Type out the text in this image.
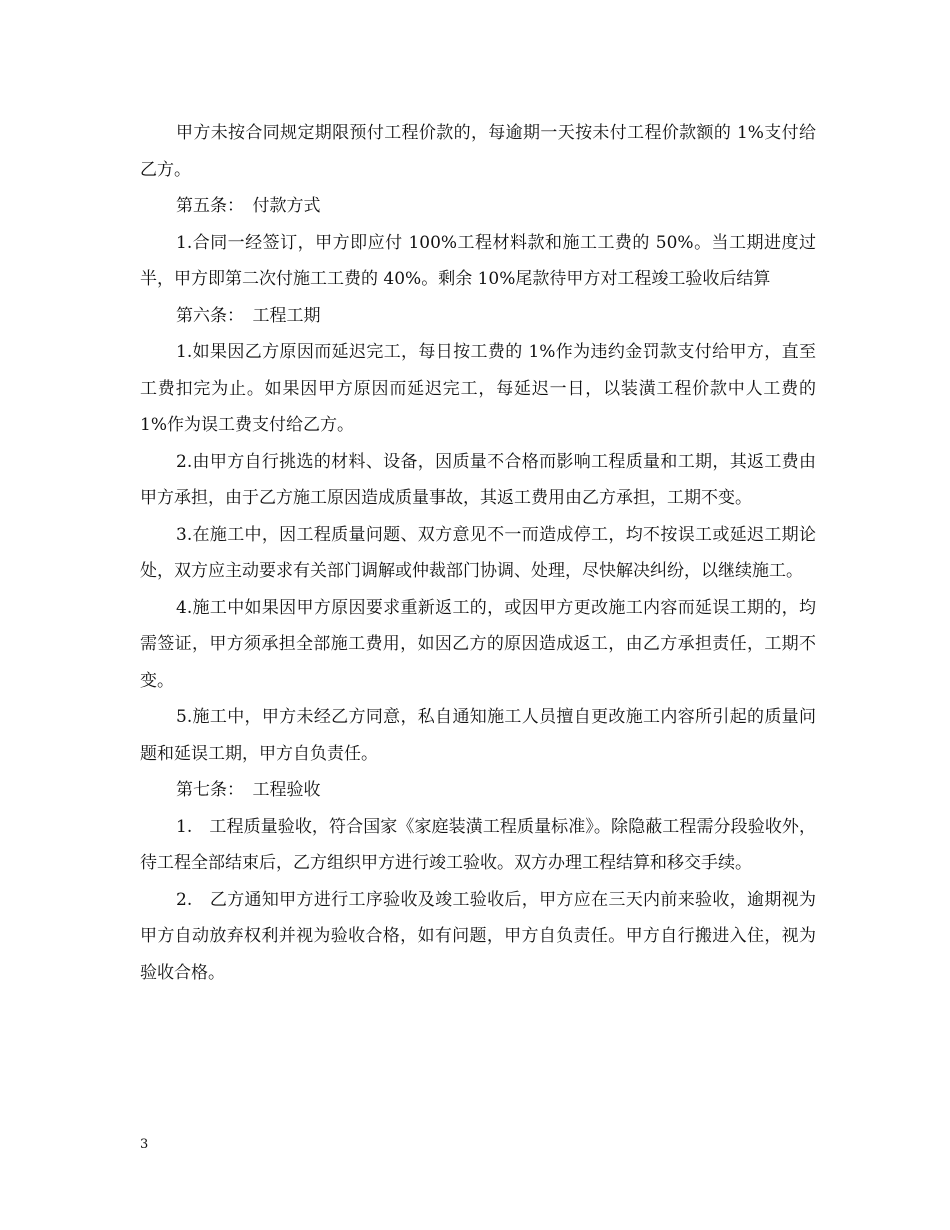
甲方未按合同规定期限预付工程价款的，每逾期一天按未付工程价款额的 1%支付给乙方。

第五条：　付款方式

1.合同一经签订，甲方即应付 100%工程材料款和施工工费的 50%。当工期进度过半，甲方即第二次付施工工费的 40%。剩余 10%尾款待甲方对工程竣工验收后结算

第六条：　工程工期

1.如果因乙方原因而延迟完工，每日按工费的 1%作为违约金罚款支付给甲方，直至工费扣完为止。如果因甲方原因而延迟完工，每延迟一日，以装潢工程价款中人工费的 1%作为误工费支付给乙方。

2.由甲方自行挑选的材料、设备，因质量不合格而影响工程质量和工期，其返工费由甲方承担，由于乙方施工原因造成质量事故，其返工费用由乙方承担，工期不变。

3.在施工中，因工程质量问题、双方意见不一而造成停工，均不按误工或延迟工期论处，双方应主动要求有关部门调解或仲裁部门协调、处理，尽快解决纠纷，以继续施工。

4.施工中如果因甲方原因要求重新返工的，或因甲方更改施工内容而延误工期的，均需签证，甲方须承担全部施工费用，如因乙方的原因造成返工，由乙方承担责任，工期不变。

5.施工中，甲方未经乙方同意，私自通知施工人员擅自更改施工内容所引起的质量问题和延误工期，甲方自负责任。

第七条：　工程验收

1.　工程质量验收，符合国家《家庭装潢工程质量标准》。除隐蔽工程需分段验收外，待工程全部结束后，乙方组织甲方进行竣工验收。双方办理工程结算和移交手续。

2.　乙方通知甲方进行工序验收及竣工验收后，甲方应在三天内前来验收，逾期视为甲方自动放弃权利并视为验收合格，如有问题，甲方自负责任。甲方自行搬进入住，视为验收合格。

3
